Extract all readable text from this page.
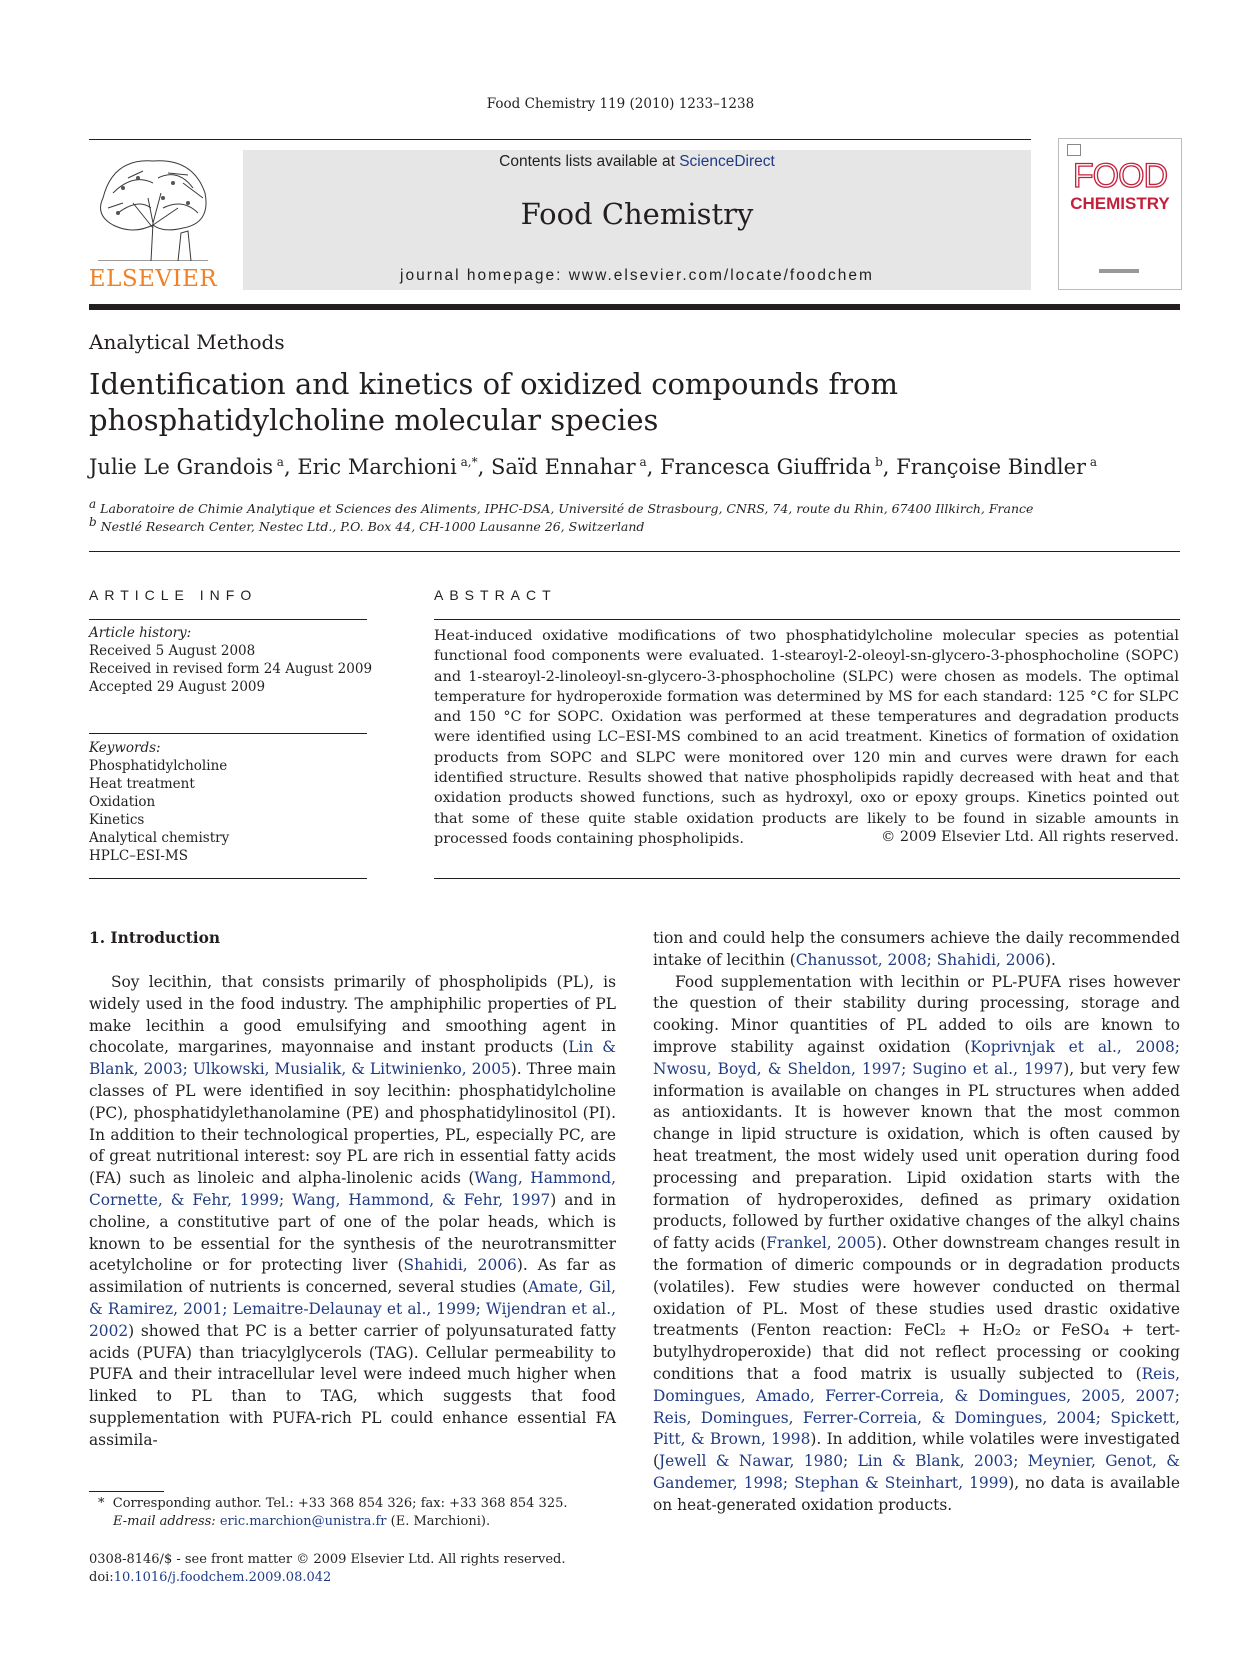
Food Chemistry 119 (2010) 1233–1238
ELSEVIER
Contents lists available at ScienceDirect
Food Chemistry
journal homepage: www.elsevier.com/locate/foodchem
FOOD
CHEMISTRY
Analytical Methods
Identification and kinetics of oxidized compounds from phosphatidylcholine molecular species
Julie Le Grandois $^a$, Eric Marchioni $^{a,*}$, Saïd Ennahar $^a$, Francesca Giuffrida $^b$, Françoise Bindler $^a$
$^a$ Laboratoire de Chimie Analytique et Sciences des Aliments, IPHC-DSA, Université de Strasbourg, CNRS, 74, route du Rhin, 67400 Illkirch, France
$^b$ Nestlé Research Center, Nestec Ltd., P.O. Box 44, CH-1000 Lausanne 26, Switzerland
ARTICLE INFO
Article history:
Received 5 August 2008
Received in revised form 24 August 2009
Accepted 29 August 2009
Keywords:
Phosphatidylcholine
Heat treatment
Oxidation
Kinetics
Analytical chemistry
HPLC–ESI-MS
ABSTRACT
Heat-induced oxidative modifications of two phosphatidylcholine molecular species as potential functional food components were evaluated. 1-stearoyl-2-oleoyl-sn-glycero-3-phosphocholine (SOPC) and 1-stearoyl-2-linoleoyl-sn-glycero-3-phosphocholine (SLPC) were chosen as models. The optimal temperature for hydroperoxide formation was determined by MS for each standard: 125 °C for SLPC and 150 °C for SOPC. Oxidation was performed at these temperatures and degradation products were identified using LC–ESI-MS combined to an acid treatment. Kinetics of formation of oxidation products from SOPC and SLPC were monitored over 120 min and curves were drawn for each identified structure. Results showed that native phospholipids rapidly decreased with heat and that oxidation products showed functions, such as hydroxyl, oxo or epoxy groups. Kinetics pointed out that some of these quite stable oxidation products are likely to be found in sizable amounts in processed foods containing phospholipids.	© 2009 Elsevier Ltd. All rights reserved.
1. Introduction

Soy lecithin, that consists primarily of phospholipids (PL), is widely used in the food industry. The amphiphilic properties of PL make lecithin a good emulsifying and smoothing agent in chocolate, margarines, mayonnaise and instant products (Lin & Blank, 2003; Ulkowski, Musialik, & Litwinienko, 2005). Three main classes of PL were identified in soy lecithin: phosphatidylcholine (PC), phosphatidylethanolamine (PE) and phosphatidylinositol (PI). In addition to their technological properties, PL, especially PC, are of great nutritional interest: soy PL are rich in essential fatty acids (FA) such as linoleic and alpha-linolenic acids (Wang, Hammond, Cornette, & Fehr, 1999; Wang, Hammond, & Fehr, 1997) and in choline, a constitutive part of one of the polar heads, which is known to be essential for the synthesis of the neurotransmitter acetylcholine or for protecting liver (Shahidi, 2006). As far as assimilation of nutrients is concerned, several studies (Amate, Gil, & Ramirez, 2001; Lemaitre-Delaunay et al., 1999; Wijendran et al., 2002) showed that PC is a better carrier of polyunsaturated fatty acids (PUFA) than triacylglycerols (TAG). Cellular permeability to PUFA and their intracellular level were indeed much higher when linked to PL than to TAG, which suggests that food supplementation with PUFA-rich PL could enhance essential FA assimila-

tion and could help the consumers achieve the daily recommended intake of lecithin (Chanussot, 2008; Shahidi, 2006).

Food supplementation with lecithin or PL-PUFA rises however the question of their stability during processing, storage and cooking. Minor quantities of PL added to oils are known to improve stability against oxidation (Koprivnjak et al., 2008; Nwosu, Boyd, & Sheldon, 1997; Sugino et al., 1997), but very few information is available on changes in PL structures when added as antioxidants. It is however known that the most common change in lipid structure is oxidation, which is often caused by heat treatment, the most widely used unit operation during food processing and preparation. Lipid oxidation starts with the formation of hydroperoxides, defined as primary oxidation products, followed by further oxidative changes of the alkyl chains of fatty acids (Frankel, 2005). Other downstream changes result in the formation of dimeric compounds or in degradation products (volatiles). Few studies were however conducted on thermal oxidation of PL. Most of these studies used drastic oxidative treatments (Fenton reaction: FeCl₂ + H₂O₂ or FeSO₄ + tert-butylhydroperoxide) that did not reflect processing or cooking conditions that a food matrix is usually subjected to (Reis, Domingues, Amado, Ferrer-Correia, & Domingues, 2005, 2007; Reis, Domingues, Ferrer-Correia, & Domingues, 2004; Spickett, Pitt, & Brown, 1998). In addition, while volatiles were investigated (Jewell & Nawar, 1980; Lin & Blank, 2003; Meynier, Genot, & Gandemer, 1998; Stephan & Steinhart, 1999), no data is available on heat-generated oxidation products.

* Corresponding author. Tel.: +33 368 854 326; fax: +33 368 854 325.
E-mail address: eric.marchion@unistra.fr (E. Marchioni).
0308-8146/$ - see front matter © 2009 Elsevier Ltd. All rights reserved.
doi:10.1016/j.foodchem.2009.08.042
